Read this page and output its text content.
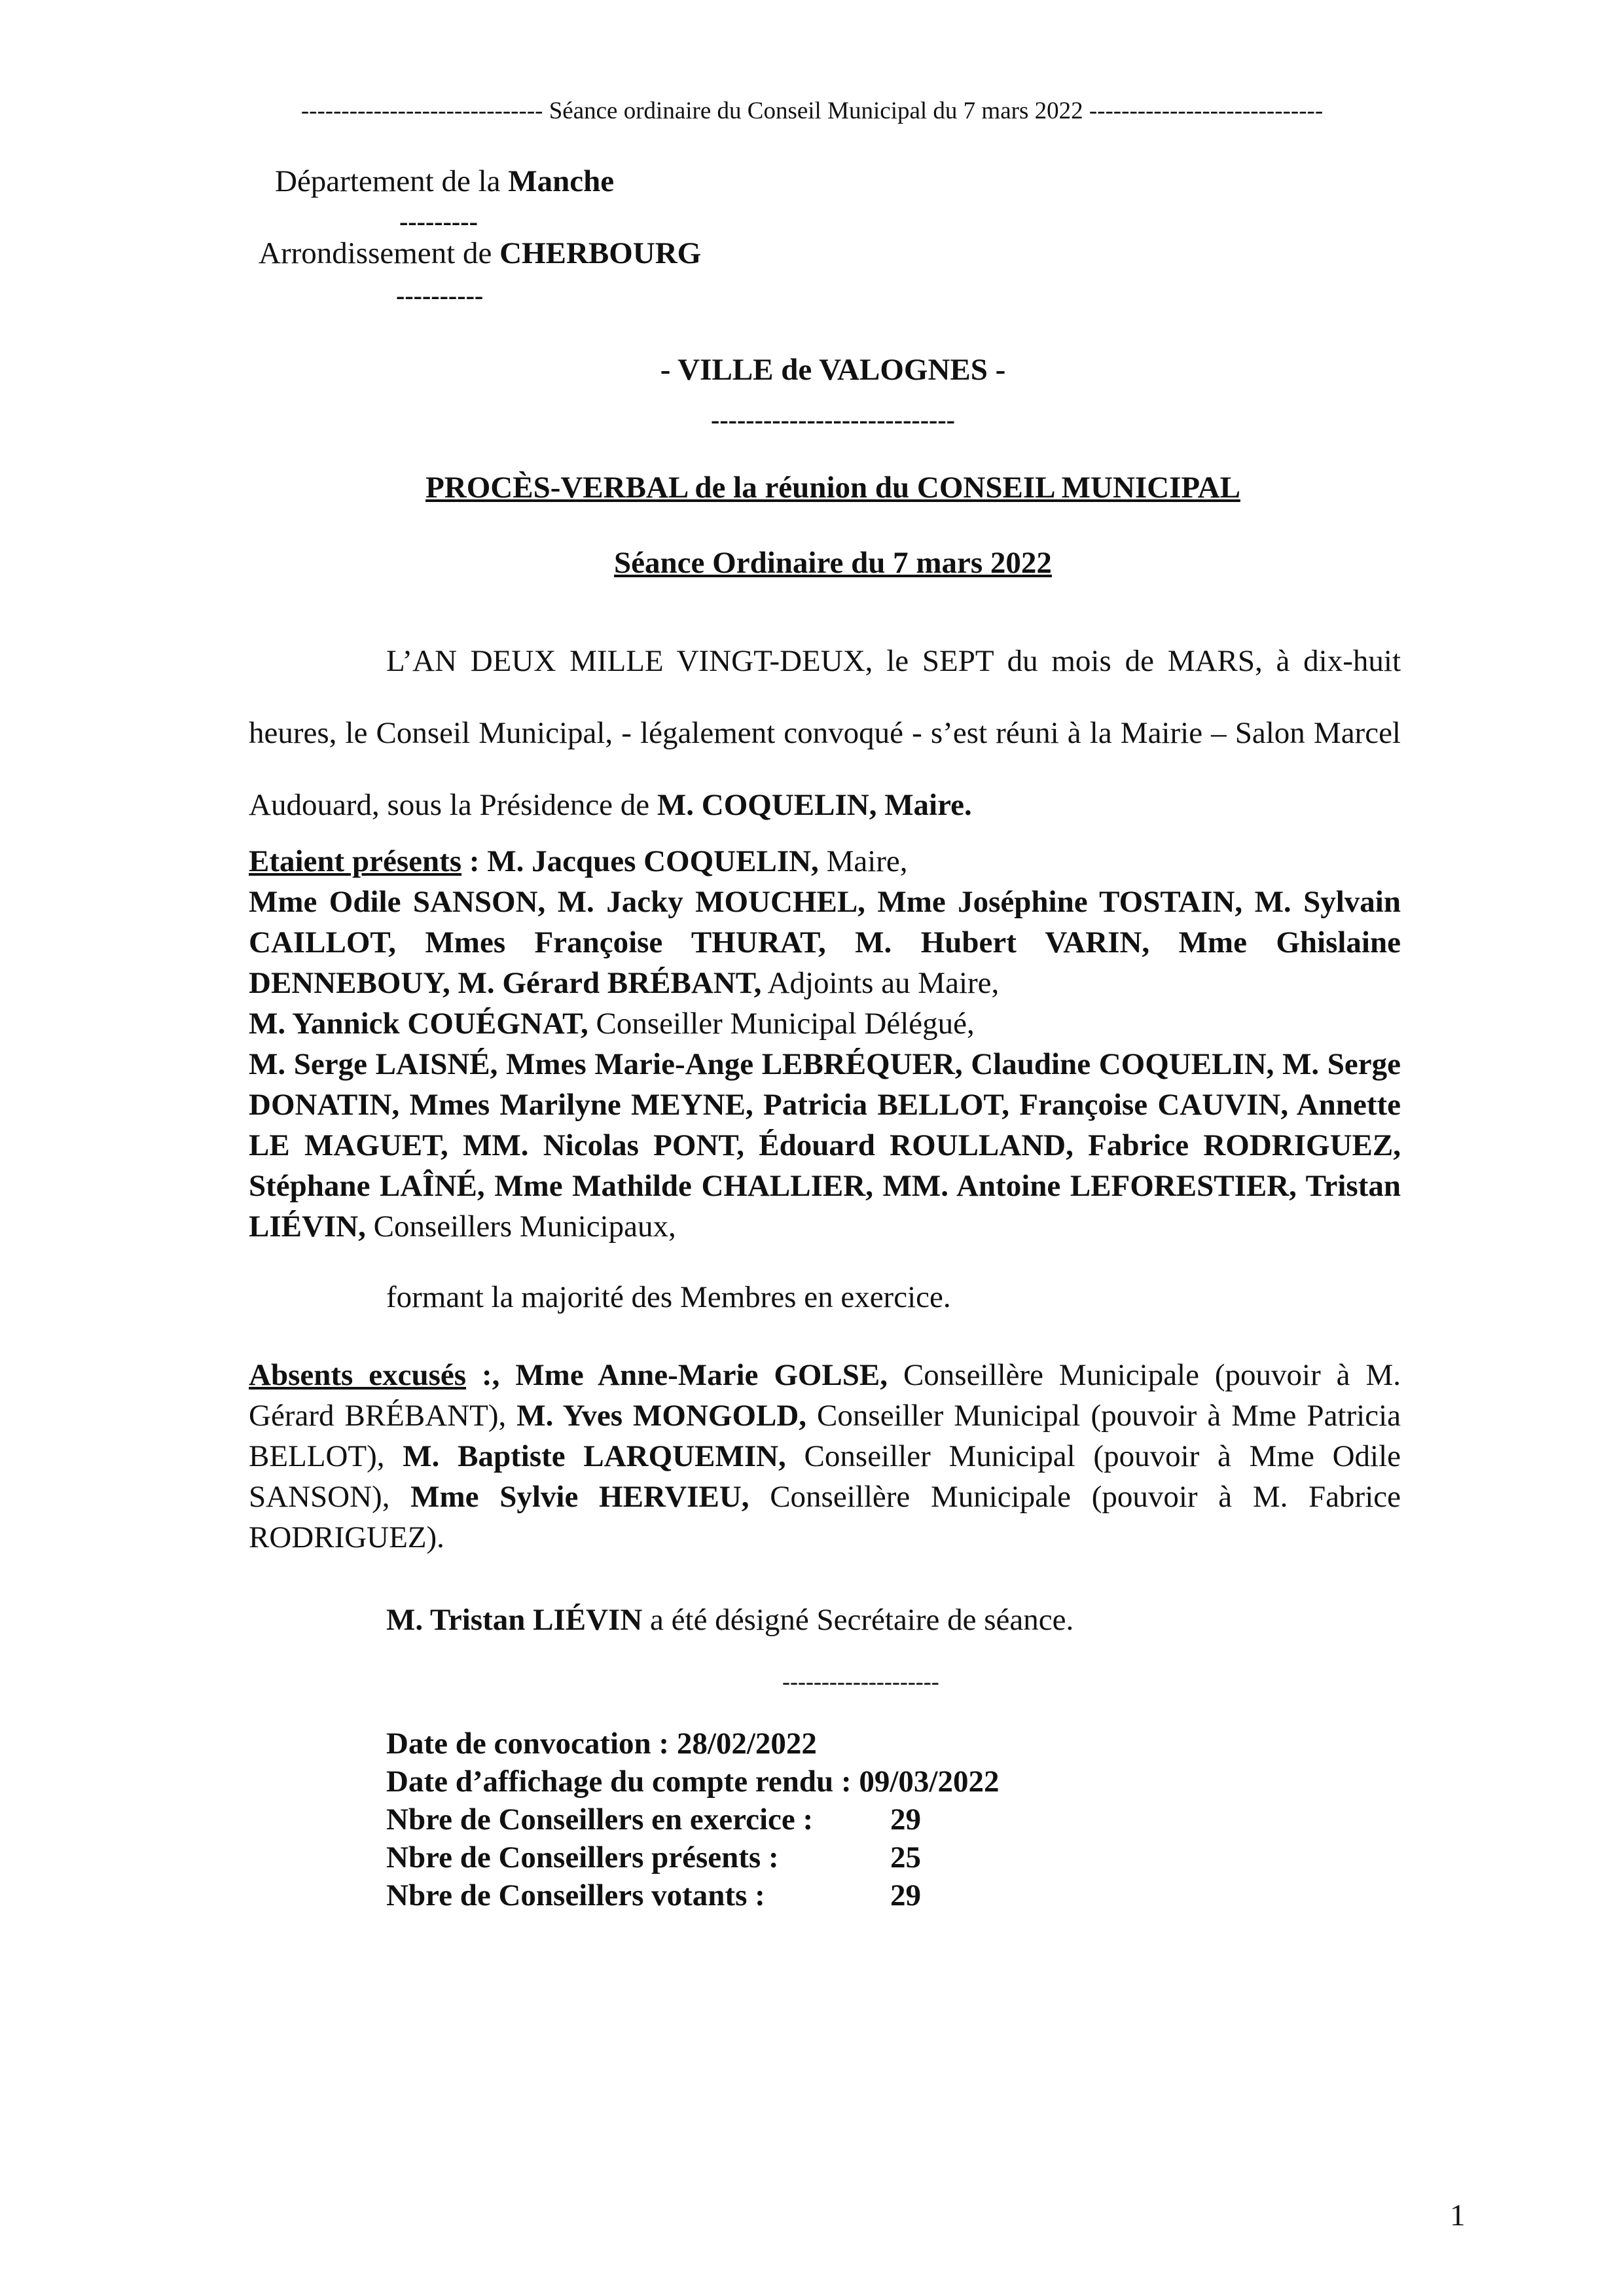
------------------------------ Séance ordinaire du Conseil Municipal du 7 mars 2022 -----------------------------
Département de la Manche
---------
Arrondissement de CHERBOURG
----------
- VILLE de VALOGNES -
----------------------------
PROCÈS-VERBAL de la réunion du CONSEIL MUNICIPAL
Séance Ordinaire du 7 mars 2022
L’AN DEUX MILLE VINGT-DEUX, le SEPT du mois de MARS, à dix-huit heures, le Conseil Municipal, - légalement convoqué - s’est réuni à la Mairie – Salon Marcel Audouard, sous la Présidence de M. COQUELIN, Maire.

Etaient présents : M. Jacques COQUELIN, Maire,

Mme Odile SANSON, M. Jacky MOUCHEL, Mme Joséphine TOSTAIN, M. Sylvain CAILLOT, Mmes Françoise THURAT, M. Hubert VARIN, Mme Ghislaine DENNEBOUY, M. Gérard BRÉBANT, Adjoints au Maire,

M. Yannick COUÉGNAT, Conseiller Municipal Délégué,

M. Serge LAISNÉ, Mmes Marie-Ange LEBRÉQUER, Claudine COQUELIN, M. Serge DONATIN, Mmes Marilyne MEYNE, Patricia BELLOT, Françoise CAUVIN, Annette LE MAGUET, MM. Nicolas PONT, Édouard ROULLAND, Fabrice RODRIGUEZ, Stéphane LAÎNÉ, Mme Mathilde CHALLIER, MM. Antoine LEFORESTIER, Tristan LIÉVIN, Conseillers Municipaux,

formant la majorité des Membres en exercice.
Absents excusés :, Mme Anne-Marie GOLSE, Conseillère Municipale (pouvoir à M. Gérard BRÉBANT), M. Yves MONGOLD, Conseiller Municipal (pouvoir à Mme Patricia BELLOT), M. Baptiste LARQUEMIN, Conseiller Municipal (pouvoir à Mme Odile SANSON), Mme Sylvie HERVIEU, Conseillère Municipale (pouvoir à M. Fabrice RODRIGUEZ).
M. Tristan LIÉVIN a été désigné Secrétaire de séance.
--------------------
Date de convocation : 28/02/2022
Date d’affichage du compte rendu : 09/03/2022
Nbre de Conseillers en exercice :	29
Nbre de Conseillers présents :	25
Nbre de Conseillers votants :	29
1
